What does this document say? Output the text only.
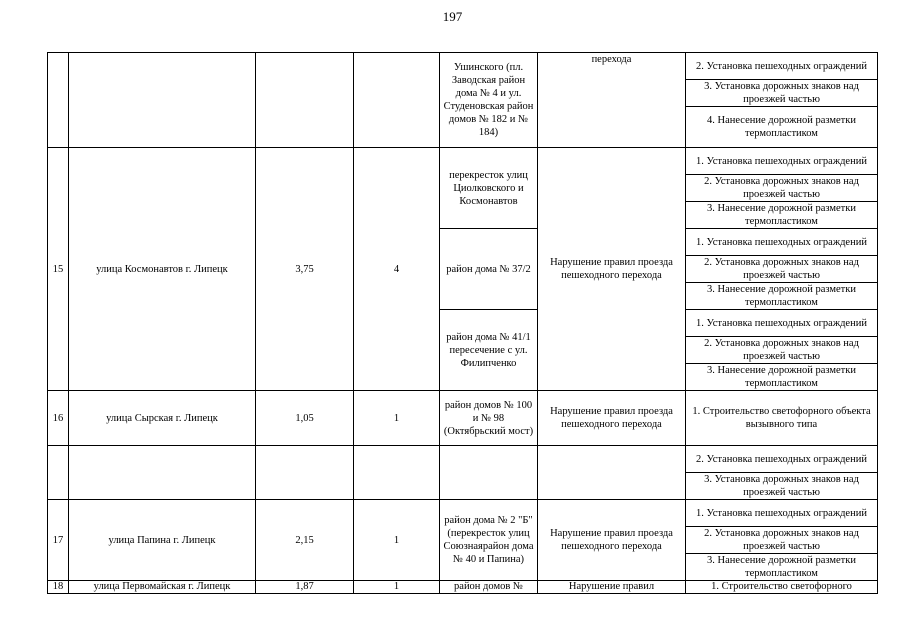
197
				Ушинского (пл. Заводская район дома № 4 и ул. Студеновская район домов № 182 и № 184)	перехода	2. Установка пешеходных ограждений
						3. Установка дорожных знаков над проезжей частью
						4. Нанесение дорожной разметки термопластиком
15	улица Космонавтов г. Липецк	3,75	4	перекресток улиц Циолковского и Космонавтов	Нарушение правил проезда пешеходного перехода	1. Установка пешеходных ограждений
						2. Установка дорожных знаков над проезжей частью
						3. Нанесение дорожной разметки термопластиком
				район дома № 37/2		1. Установка пешеходных ограждений
						2. Установка дорожных знаков над проезжей частью
						3. Нанесение дорожной разметки термопластиком
				район дома № 41/1 пересечение с ул. Филипченко		1. Установка пешеходных ограждений
						2. Установка дорожных знаков над проезжей частью
						3. Нанесение дорожной разметки термопластиком
16	улица Сырская г. Липецк	1,05	1	район домов № 100 и № 98 (Октябрьский мост)	Нарушение правил проезда пешеходного перехода	1. Строительство светофорного объекта вызывного типа
						2. Установка пешеходных ограждений
						3. Установка дорожных знаков над проезжей частью
17	улица Папина г. Липецк	2,15	1	район дома № 2 "Б" (перекресток улиц Союзнаярайон дома № 40 и Папина)	Нарушение правил проезда пешеходного перехода	1. Установка пешеходных ограждений
						2. Установка дорожных знаков над проезжей частью
						3. Нанесение дорожной разметки термопластиком
18	улица Первомайская г. Липецк	1,87	1	район домов №	Нарушение правил	1. Строительство светофорного
